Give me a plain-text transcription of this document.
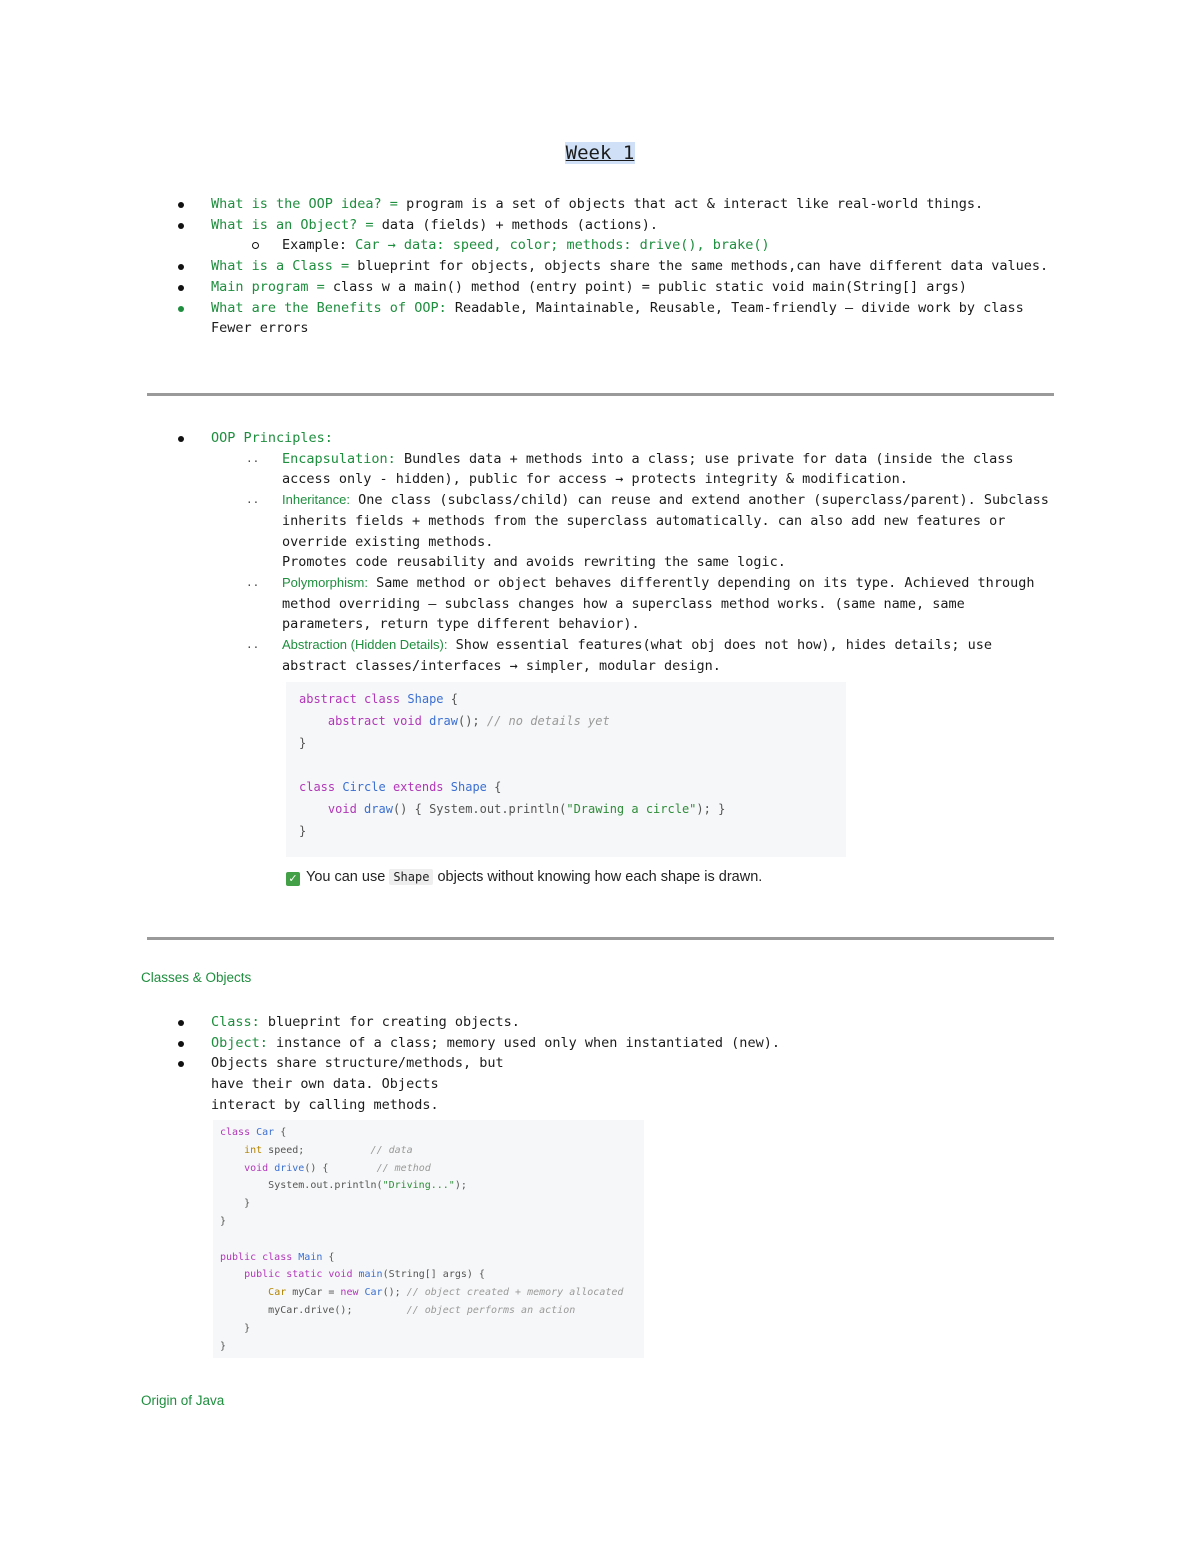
Week 1
What is the OOP idea? = program is a set of objects that act & interact like real-world things.
What is an Object? = data (fields) + methods (actions).
Example: Car → data: speed, color; methods: drive(), brake()
What is a Class = blueprint for objects, objects share the same methods,can have different data values.
Main program = class w a main() method (entry point) = public static void main(String[] args)
What are the Benefits of OOP: Readable, Maintainable, Reusable, Team-friendly — divide work by class Fewer errors
OOP Principles:
.. Encapsulation: Bundles data + methods into a class; use private for data (inside the class access only - hidden), public for access → protects integrity & modification.
.. Inheritance: One class (subclass/child) can reuse and extend another (superclass/parent). Subclass inherits fields + methods from the superclass automatically. can also add new features or override existing methods.
Promotes code reusability and avoids rewriting the same logic.
.. Polymorphism: Same method or object behaves differently depending on its type. Achieved through method overriding — subclass changes how a superclass method works. (same name, same parameters, return type different behavior).
.. Abstraction (Hidden Details): Show essential features(what obj does not how), hides details; use abstract classes/interfaces → simpler, modular design.
abstract class Shape {
abstract void draw(); // no details yet
}

class Circle extends Shape {
void draw() { System.out.println("Drawing a circle"); }
}
✓ You can use Shape objects without knowing how each shape is drawn.
Classes & Objects
Class: blueprint for creating objects.
Object: instance of a class; memory used only when instantiated (new).
Objects share structure/methods, but have their own data. Objects interact by calling methods.
class Car {
int speed;	// data
void drive() {	// method
System.out.println("Driving...");
}
}

public class Main {
public static void main(String[] args) {
Car myCar = new Car(); // object created + memory allocated
myCar.drive();	// object performs an action
}
}
Origin of Java
